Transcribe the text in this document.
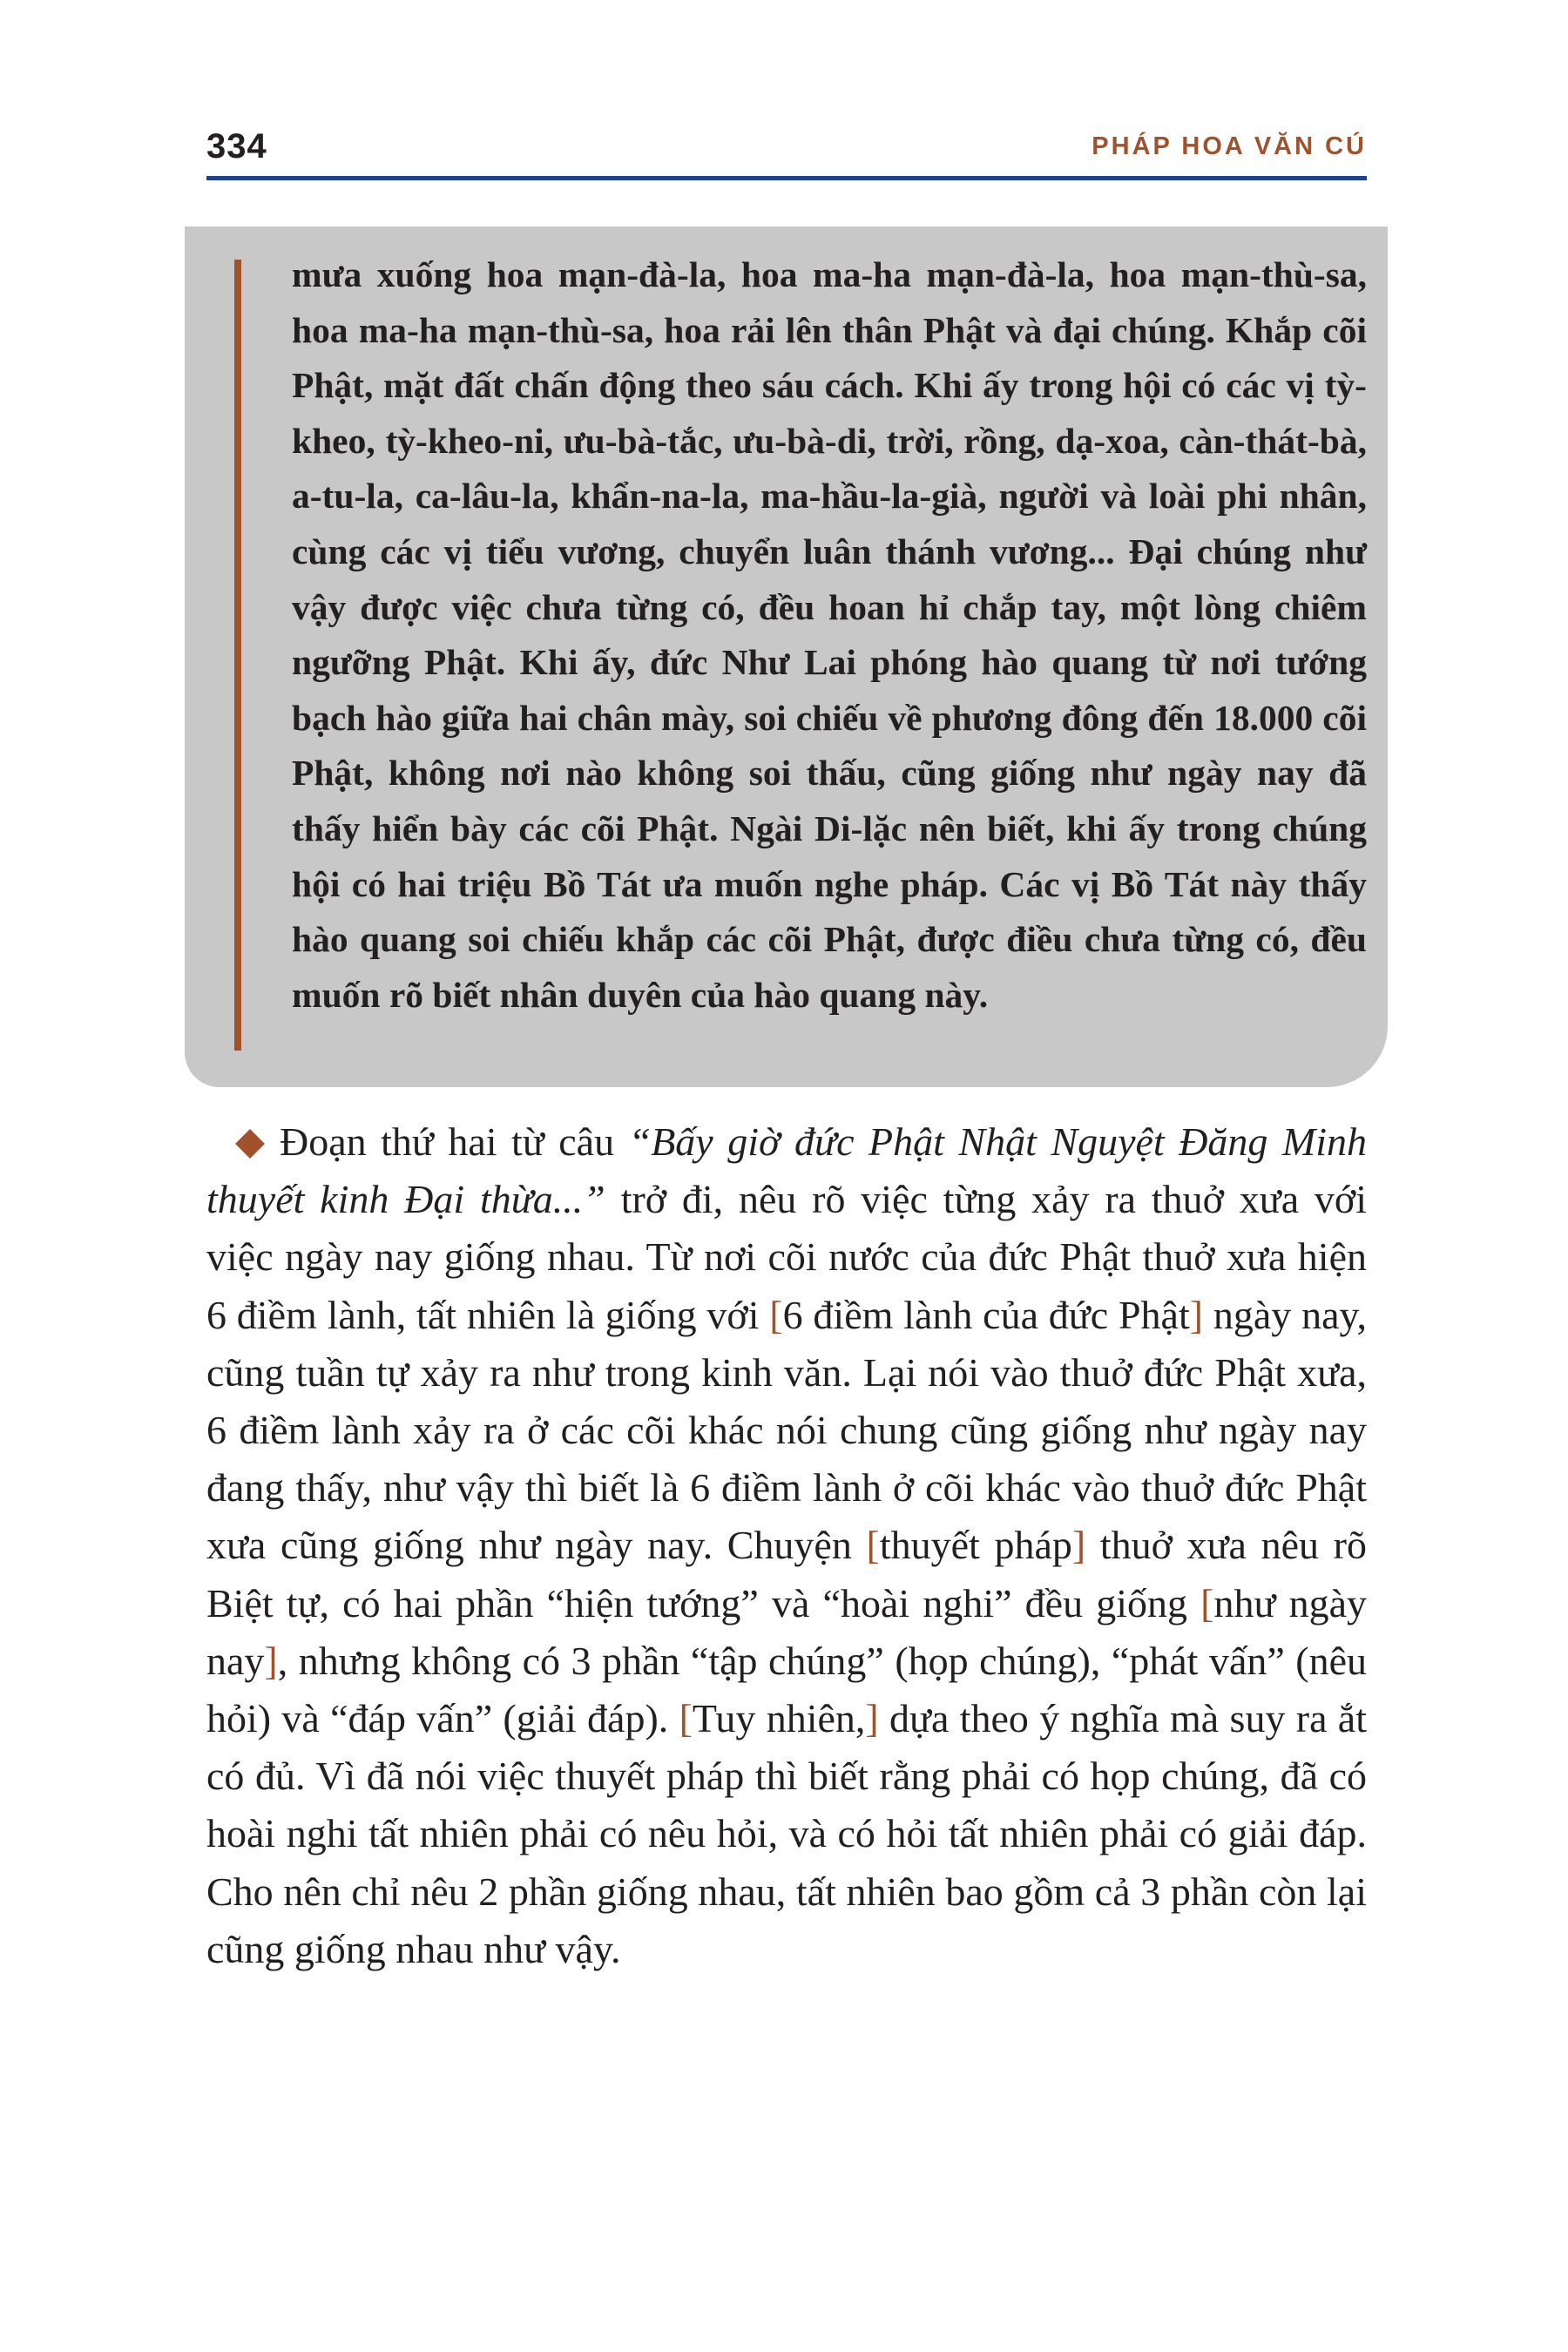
334	PHÁP HOA VĂN CÚ

mưa xuống hoa mạn-đà-la, hoa ma-ha mạn-đà-la, hoa mạn-thù-sa, hoa ma-ha mạn-thù-sa, hoa rải lên thân Phật và đại chúng. Khắp cõi Phật, mặt đất chấn động theo sáu cách. Khi ấy trong hội có các vị tỳ-kheo, tỳ-kheo-ni, ưu-bà-tắc, ưu-bà-di, trời, rồng, dạ-xoa, càn-thát-bà, a-tu-la, ca-lâu-la, khẩn-na-la, ma-hầu-la-già, người và loài phi nhân, cùng các vị tiểu vương, chuyển luân thánh vương... Đại chúng như vậy được việc chưa từng có, đều hoan hỉ chắp tay, một lòng chiêm ngưỡng Phật. Khi ấy, đức Như Lai phóng hào quang từ nơi tướng bạch hào giữa hai chân mày, soi chiếu về phương đông đến 18.000 cõi Phật, không nơi nào không soi thấu, cũng giống như ngày nay đã thấy hiển bày các cõi Phật. Ngài Di-lặc nên biết, khi ấy trong chúng hội có hai triệu Bồ Tát ưa muốn nghe pháp. Các vị Bồ Tát này thấy hào quang soi chiếu khắp các cõi Phật, được điều chưa từng có, đều muốn rõ biết nhân duyên của hào quang này.

Đoạn thứ hai từ câu “Bấy giờ đức Phật Nhật Nguyệt Đăng Minh thuyết kinh Đại thừa...” trở đi, nêu rõ việc từng xảy ra thuở xưa với việc ngày nay giống nhau. Từ nơi cõi nước của đức Phật thuở xưa hiện 6 điềm lành, tất nhiên là giống với [6 điềm lành của đức Phật] ngày nay, cũng tuần tự xảy ra như trong kinh văn. Lại nói vào thuở đức Phật xưa, 6 điềm lành xảy ra ở các cõi khác nói chung cũng giống như ngày nay đang thấy, như vậy thì biết là 6 điềm lành ở cõi khác vào thuở đức Phật xưa cũng giống như ngày nay. Chuyện [thuyết pháp] thuở xưa nêu rõ Biệt tự, có hai phần “hiện tướng” và “hoài nghi” đều giống [như ngày nay], nhưng không có 3 phần “tập chúng” (họp chúng), “phát vấn” (nêu hỏi) và “đáp vấn” (giải đáp). [Tuy nhiên,] dựa theo ý nghĩa mà suy ra ắt có đủ. Vì đã nói việc thuyết pháp thì biết rằng phải có họp chúng, đã có hoài nghi tất nhiên phải có nêu hỏi, và có hỏi tất nhiên phải có giải đáp. Cho nên chỉ nêu 2 phần giống nhau, tất nhiên bao gồm cả 3 phần còn lại cũng giống nhau như vậy.
